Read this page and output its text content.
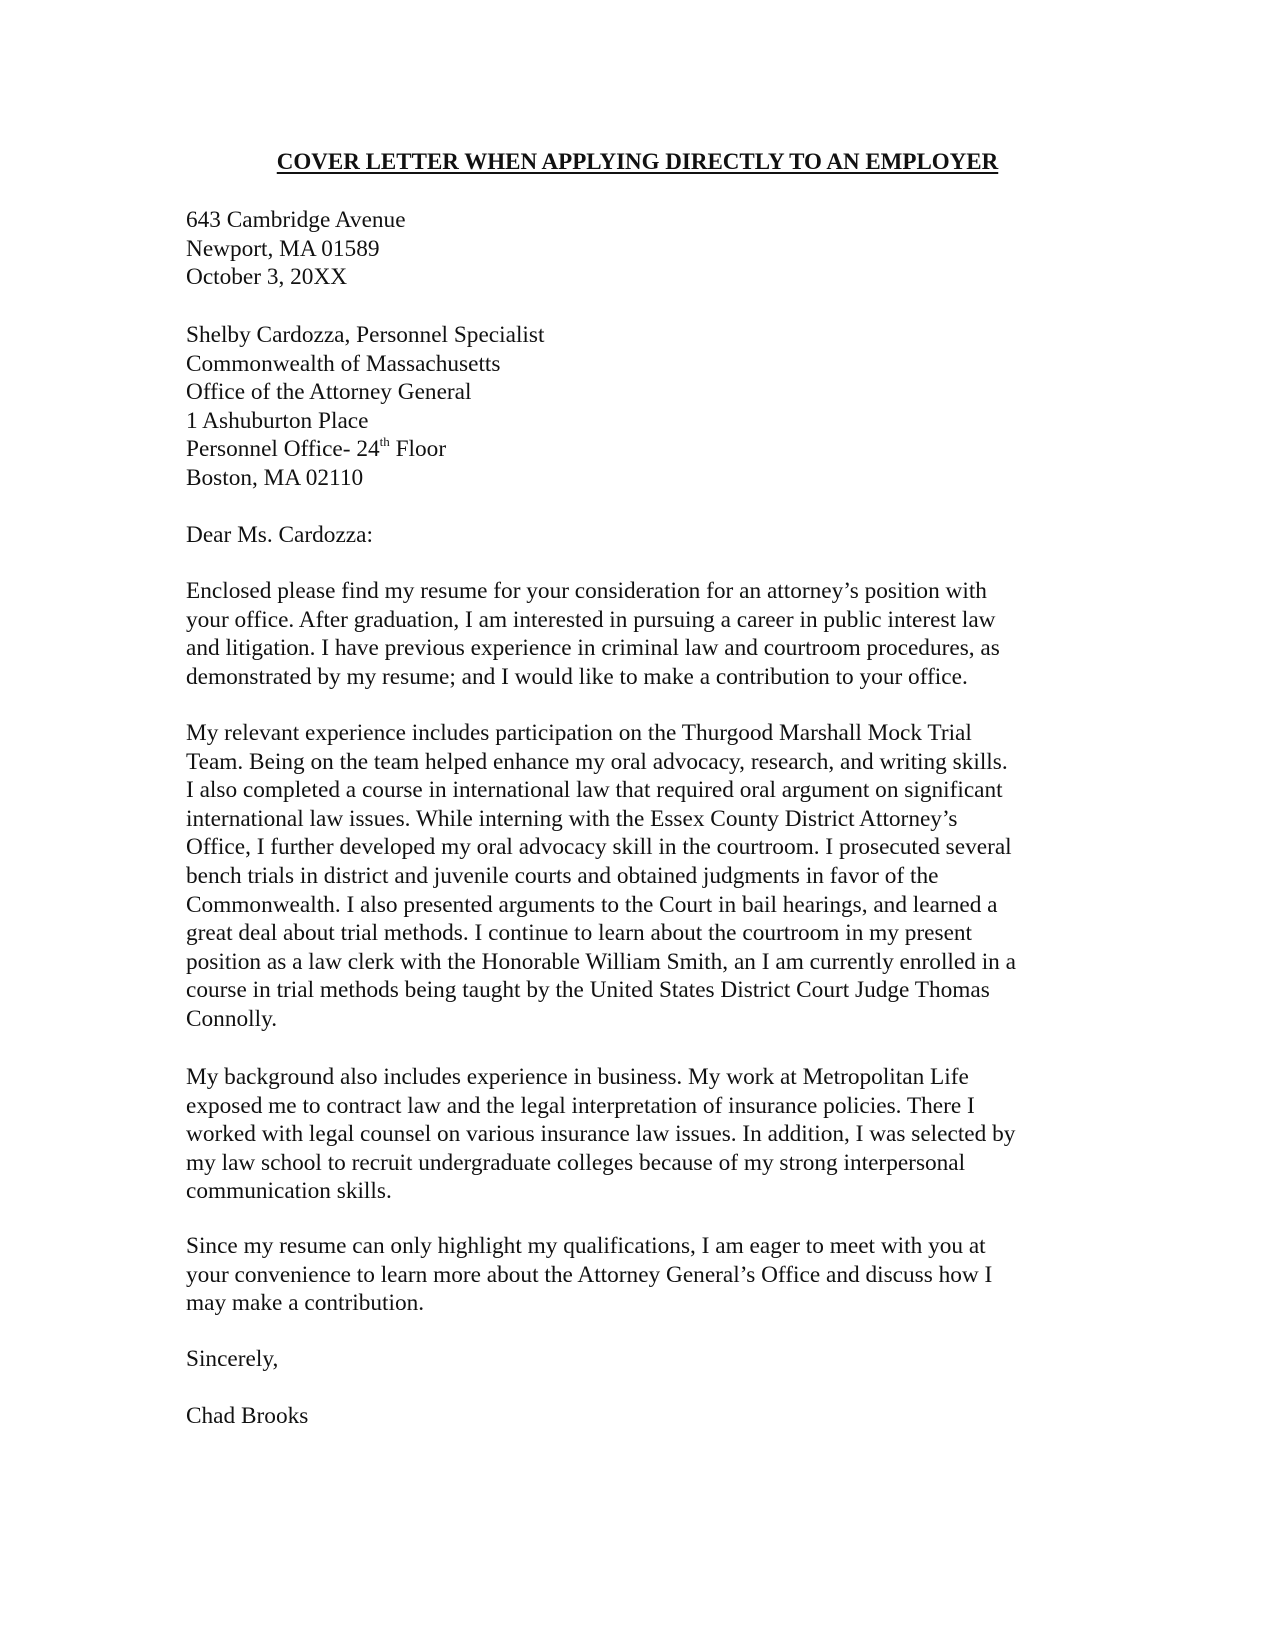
COVER LETTER WHEN APPLYING DIRECTLY TO AN EMPLOYER
643 Cambridge Avenue
Newport, MA 01589
October 3, 20XX
Shelby Cardozza, Personnel Specialist
Commonwealth of Massachusetts
Office of the Attorney General
1 Ashuburton Place
Personnel Office- 24th Floor
Boston, MA 02110

Dear Ms. Cardozza:

Enclosed please find my resume for your consideration for an attorney’s position with
your office. After graduation, I am interested in pursuing a career in public interest law
and litigation. I have previous experience in criminal law and courtroom procedures, as
demonstrated by my resume; and I would like to make a contribution to your office.

My relevant experience includes participation on the Thurgood Marshall Mock Trial
Team. Being on the team helped enhance my oral advocacy, research, and writing skills.
I also completed a course in international law that required oral argument on significant
international law issues. While interning with the Essex County District Attorney’s
Office, I further developed my oral advocacy skill in the courtroom. I prosecuted several
bench trials in district and juvenile courts and obtained judgments in favor of the
Commonwealth. I also presented arguments to the Court in bail hearings, and learned a
great deal about trial methods. I continue to learn about the courtroom in my present
position as a law clerk with the Honorable William Smith, an I am currently enrolled in a
course in trial methods being taught by the United States District Court Judge Thomas
Connolly.

My background also includes experience in business. My work at Metropolitan Life
exposed me to contract law and the legal interpretation of insurance policies. There I
worked with legal counsel on various insurance law issues. In addition, I was selected by
my law school to recruit undergraduate colleges because of my strong interpersonal
communication skills.

Since my resume can only highlight my qualifications, I am eager to meet with you at
your convenience to learn more about the Attorney General’s Office and discuss how I
may make a contribution.

Sincerely,

Chad Brooks
